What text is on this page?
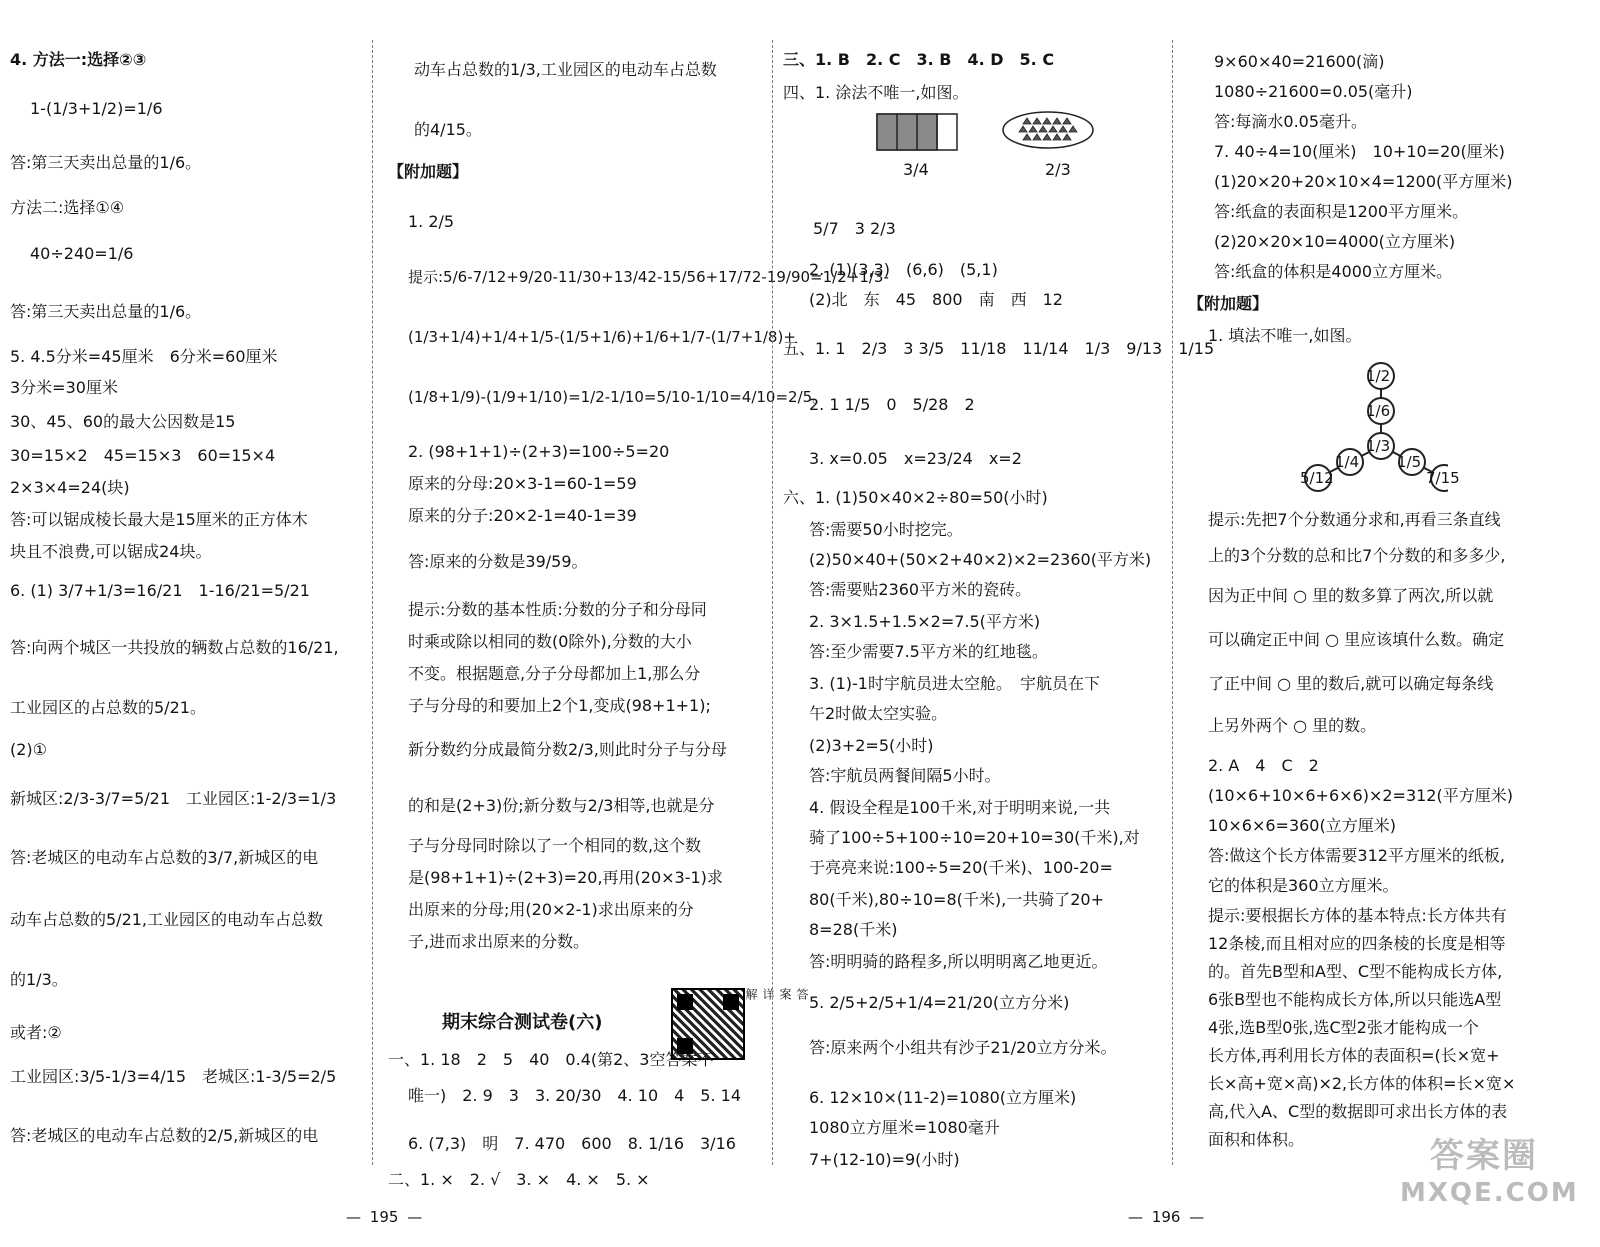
4. 方法一:选择②③
1-(1/3+1/2)=1/6
答:第三天卖出总量的1/6。
方法二:选择①④
40÷240=1/6
答:第三天卖出总量的1/6。
5. 4.5分米=45厘米　6分米=60厘米
3分米=30厘米
30、45、60的最大公因数是15
30=15×2　45=15×3　60=15×4
2×3×4=24(块)
答:可以锯成棱长最大是15厘米的正方体木
块且不浪费,可以锯成24块。
6. (1) 3/7+1/3=16/21　1-16/21=5/21
答:向两个城区一共投放的辆数占总数的16/21,
工业园区的占总数的5/21。
(2)①
新城区:2/3-3/7=5/21　工业园区:1-2/3=1/3
答:老城区的电动车占总数的3/7,新城区的电
动车占总数的5/21,工业园区的电动车占总数
的1/3。
或者:②
工业园区:3/5-1/3=4/15　老城区:1-3/5=2/5
答:老城区的电动车占总数的2/5,新城区的电
动车占总数的1/3,工业园区的电动车占总数
的4/15。
【附加题】
1. 2/5
提示:5/6-7/12+9/20-11/30+13/42-15/56+17/72-19/90=1/2+1/3-
(1/3+1/4)+1/4+1/5-(1/5+1/6)+1/6+1/7-(1/7+1/8)+
(1/8+1/9)-(1/9+1/10)=1/2-1/10=5/10-1/10=4/10=2/5。
2. (98+1+1)÷(2+3)=100÷5=20
原来的分母:20×3-1=60-1=59
原来的分子:20×2-1=40-1=39
答:原来的分数是39/59。
提示:分数的基本性质:分数的分子和分母同
时乘或除以相同的数(0除外),分数的大小
不变。根据题意,分子分母都加上1,那么分
子与分母的和要加上2个1,变成(98+1+1);
新分数约分成最简分数2/3,则此时分子与分母
的和是(2+3)份;新分数与2/3相等,也就是分
子与分母同时除以了一个相同的数,这个数
是(98+1+1)÷(2+3)=20,再用(20×3-1)求
出原来的分母;用(20×2-1)求出原来的分
子,进而求出原来的分数。
期末综合测试卷(六)
答案详解
一、1. 18　2　5　40　0.4(第2、3空答案不
唯一)　2. 9　3　3. 20/30　4. 10　4　5. 14
6. (7,3)　明　7. 470　600　8. 1/16　3/16
二、1. ×　2. √　3. ×　4. ×　5. ×
三、1. B　2. C　3. B　4. D　5. C
四、1. 涂法不唯一,如图。
3/4	2/3
5/7　3 2/3
2. (1)(3,3)　(6,6)　(5,1)
(2)北　东　45　800　南　西　12
五、1. 1　2/3　3 3/5　11/18　11/14　1/3　9/13　1/15
2. 1 1/5　0　5/28　2
3. x=0.05　x=23/24　x=2
六、1. (1)50×40×2÷80=50(小时)
答:需要50小时挖完。
(2)50×40+(50×2+40×2)×2=2360(平方米)
答:需要贴2360平方米的瓷砖。
2. 3×1.5+1.5×2=7.5(平方米)
答:至少需要7.5平方米的红地毯。
3. (1)-1时宇航员进太空舱。　宇航员在下
午2时做太空实验。
(2)3+2=5(小时)
答:宇航员两餐间隔5小时。
4. 假设全程是100千米,对于明明来说,一共
骑了100÷5+100÷10=20+10=30(千米),对
于亮亮来说:100÷5=20(千米)、100-20=
80(千米),80÷10=8(千米),一共骑了20+
8=28(千米)
答:明明骑的路程多,所以明明离乙地更近。
5. 2/5+2/5+1/4=21/20(立方分米)
答:原来两个小组共有沙子21/20立方分米。
6. 12×10×(11-2)=1080(立方厘米)
1080立方厘米=1080毫升
7+(12-10)=9(小时)
9×60×40=21600(滴)
1080÷21600=0.05(毫升)
答:每滴水0.05毫升。
7. 40÷4=10(厘米)　10+10=20(厘米)
(1)20×20+20×10×4=1200(平方厘米)
答:纸盒的表面积是1200平方厘米。
(2)20×20×10=4000(立方厘米)
答:纸盒的体积是4000立方厘米。
【附加题】
1. 填法不唯一,如图。
1/2
1/6
1/3
1/4	1/5
5/12	7/15
提示:先把7个分数通分求和,再看三条直线
上的3个分数的总和比7个分数的和多多少,
因为正中间 ○ 里的数多算了两次,所以就
可以确定正中间 ○ 里应该填什么数。确定
了正中间 ○ 里的数后,就可以确定每条线
上另外两个 ○ 里的数。
2. A　4　C　2
(10×6+10×6+6×6)×2=312(平方厘米)
10×6×6=360(立方厘米)
答:做这个长方体需要312平方厘米的纸板,
它的体积是360立方厘米。
提示:要根据长方体的基本特点:长方体共有
12条棱,而且相对应的四条棱的长度是相等
的。首先B型和A型、C型不能构成长方体,
6张B型也不能构成长方体,所以只能选A型
4张,选B型0张,选C型2张才能构成一个
长方体,再利用长方体的表面积=(长×宽+
长×高+宽×高)×2,长方体的体积=长×宽×
高,代入A、C型的数据即可求出长方体的表
面积和体积。
— 195 —	— 196 —
答案圈
MXQE.COM
